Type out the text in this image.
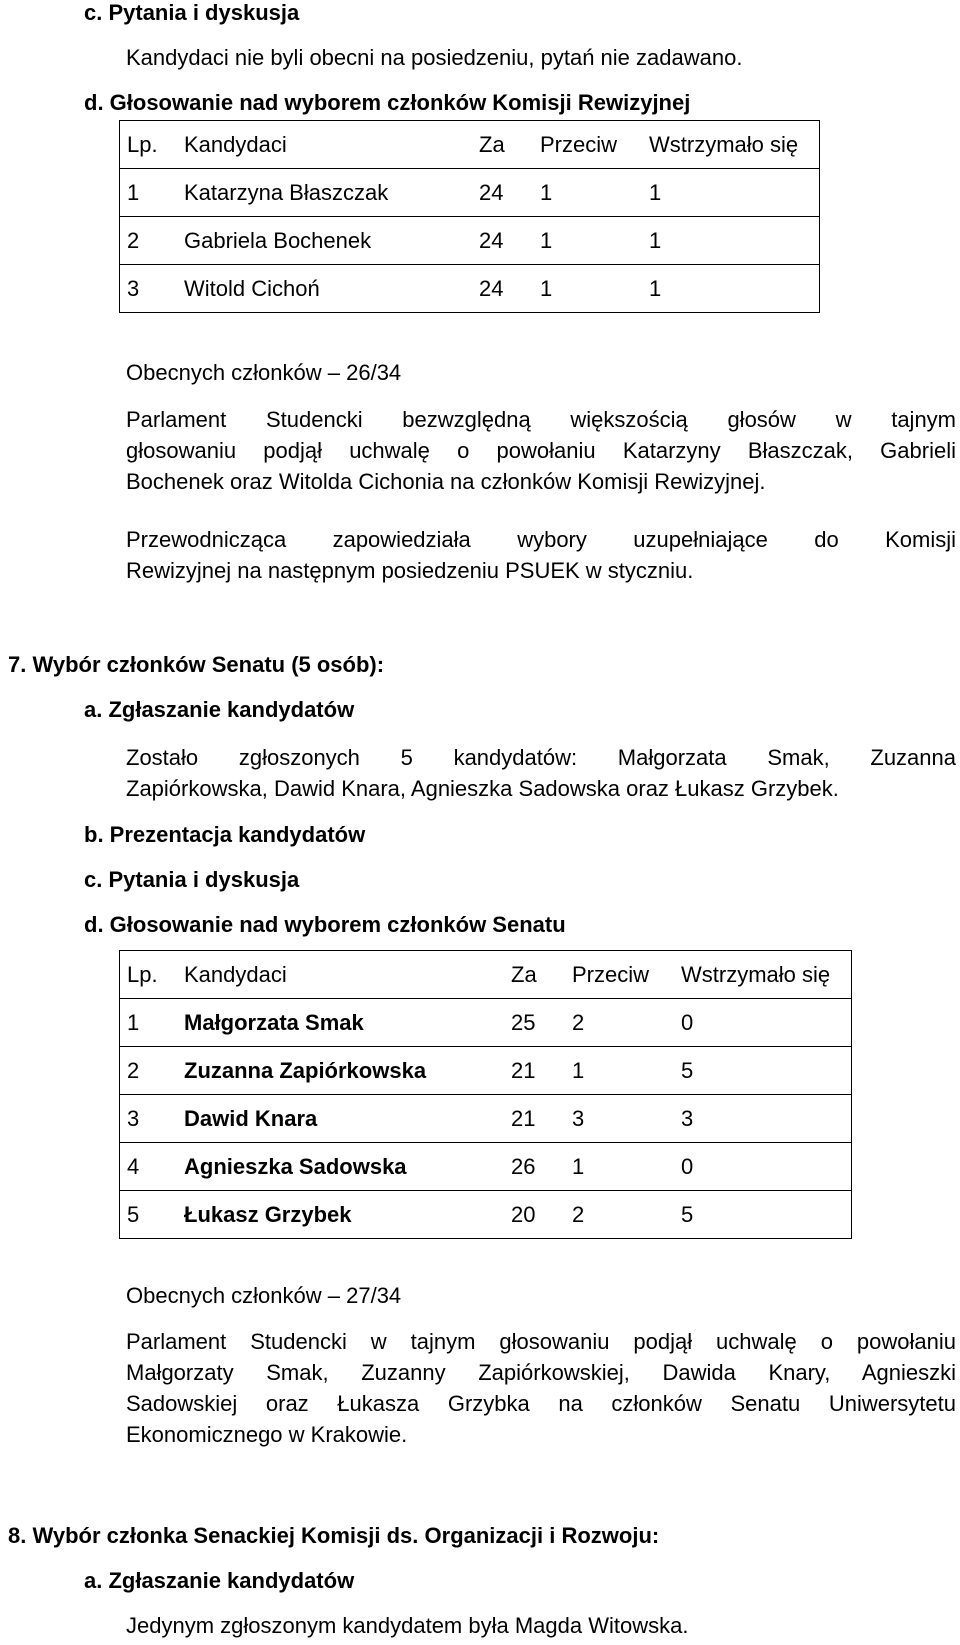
c. Pytania i dyskusja
Kandydaci nie byli obecni na posiedzeniu, pytań nie zadawano.
d. Głosowanie nad wyborem członków Komisji Rewizyjnej
Lp.	Kandydaci	Za	Przeciw	Wstrzymało się
1	Katarzyna Błaszczak	24	1	1
2	Gabriela Bochenek	24	1	1
3	Witold Cichoń	24	1	1
Obecnych członków – 26/34
Parlament Studencki bezwzględną większością głosów w tajnym
głosowaniu podjął uchwalę o powołaniu Katarzyny Błaszczak, Gabrieli
Bochenek oraz Witolda Cichonia na członków Komisji Rewizyjnej.
Przewodnicząca zapowiedziała wybory uzupełniające do Komisji
Rewizyjnej na następnym posiedzeniu PSUEK w styczniu.
7. Wybór członków Senatu (5 osób):
a. Zgłaszanie kandydatów
Zostało zgłoszonych 5 kandydatów: Małgorzata Smak, Zuzanna
Zapiórkowska, Dawid Knara, Agnieszka Sadowska oraz Łukasz Grzybek.
b. Prezentacja kandydatów
c. Pytania i dyskusja
d. Głosowanie nad wyborem członków Senatu
Lp.	Kandydaci	Za	Przeciw	Wstrzymało się
1	Małgorzata Smak	25	2	0
2	Zuzanna Zapiórkowska	21	1	5
3	Dawid Knara	21	3	3
4	Agnieszka Sadowska	26	1	0
5	Łukasz Grzybek	20	2	5
Obecnych członków – 27/34
Parlament Studencki w tajnym głosowaniu podjął uchwalę o powołaniu
Małgorzaty Smak, Zuzanny Zapiórkowskiej, Dawida Knary, Agnieszki
Sadowskiej oraz Łukasza Grzybka na członków Senatu Uniwersytetu
Ekonomicznego w Krakowie.
8. Wybór członka Senackiej Komisji ds. Organizacji i Rozwoju:
a. Zgłaszanie kandydatów
Jedynym zgłoszonym kandydatem była Magda Witowska.
